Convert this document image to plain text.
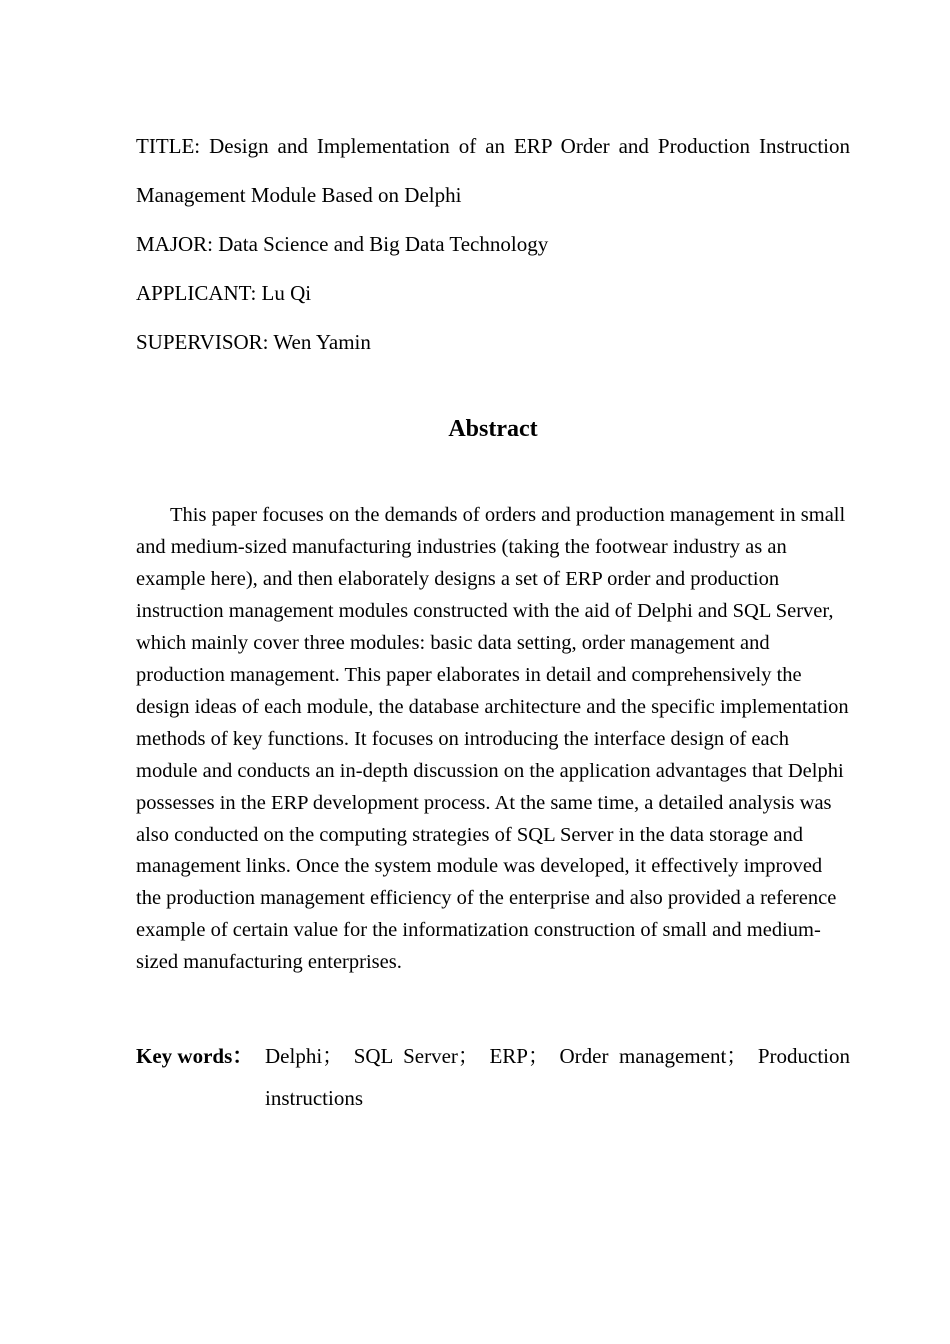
TITLE: Design and Implementation of an ERP Order and Production Instruction Management Module Based on Delphi
MAJOR: Data Science and Big Data Technology
APPLICANT: Lu Qi
SUPERVISOR: Wen Yamin
Abstract

This paper focuses on the demands of orders and production management in small and medium-sized manufacturing industries (taking the footwear industry as an example here), and then elaborately designs a set of ERP order and production instruction management modules constructed with the aid of Delphi and SQL Server, which mainly cover three modules: basic data setting, order management and production management. This paper elaborates in detail and comprehensively the design ideas of each module, the database architecture and the specific implementation methods of key functions. It focuses on introducing the interface design of each module and conducts an in-depth discussion on the application advantages that Delphi possesses in the ERP development process. At the same time, a detailed analysis was also conducted on the computing strategies of SQL Server in the data storage and management links. Once the system module was developed, it effectively improved the production management efficiency of the enterprise and also provided a reference example of certain value for the informatization construction of small and medium-sized manufacturing enterprises.

Key words： Delphi； SQL Server； ERP； Order management； Production instructions
